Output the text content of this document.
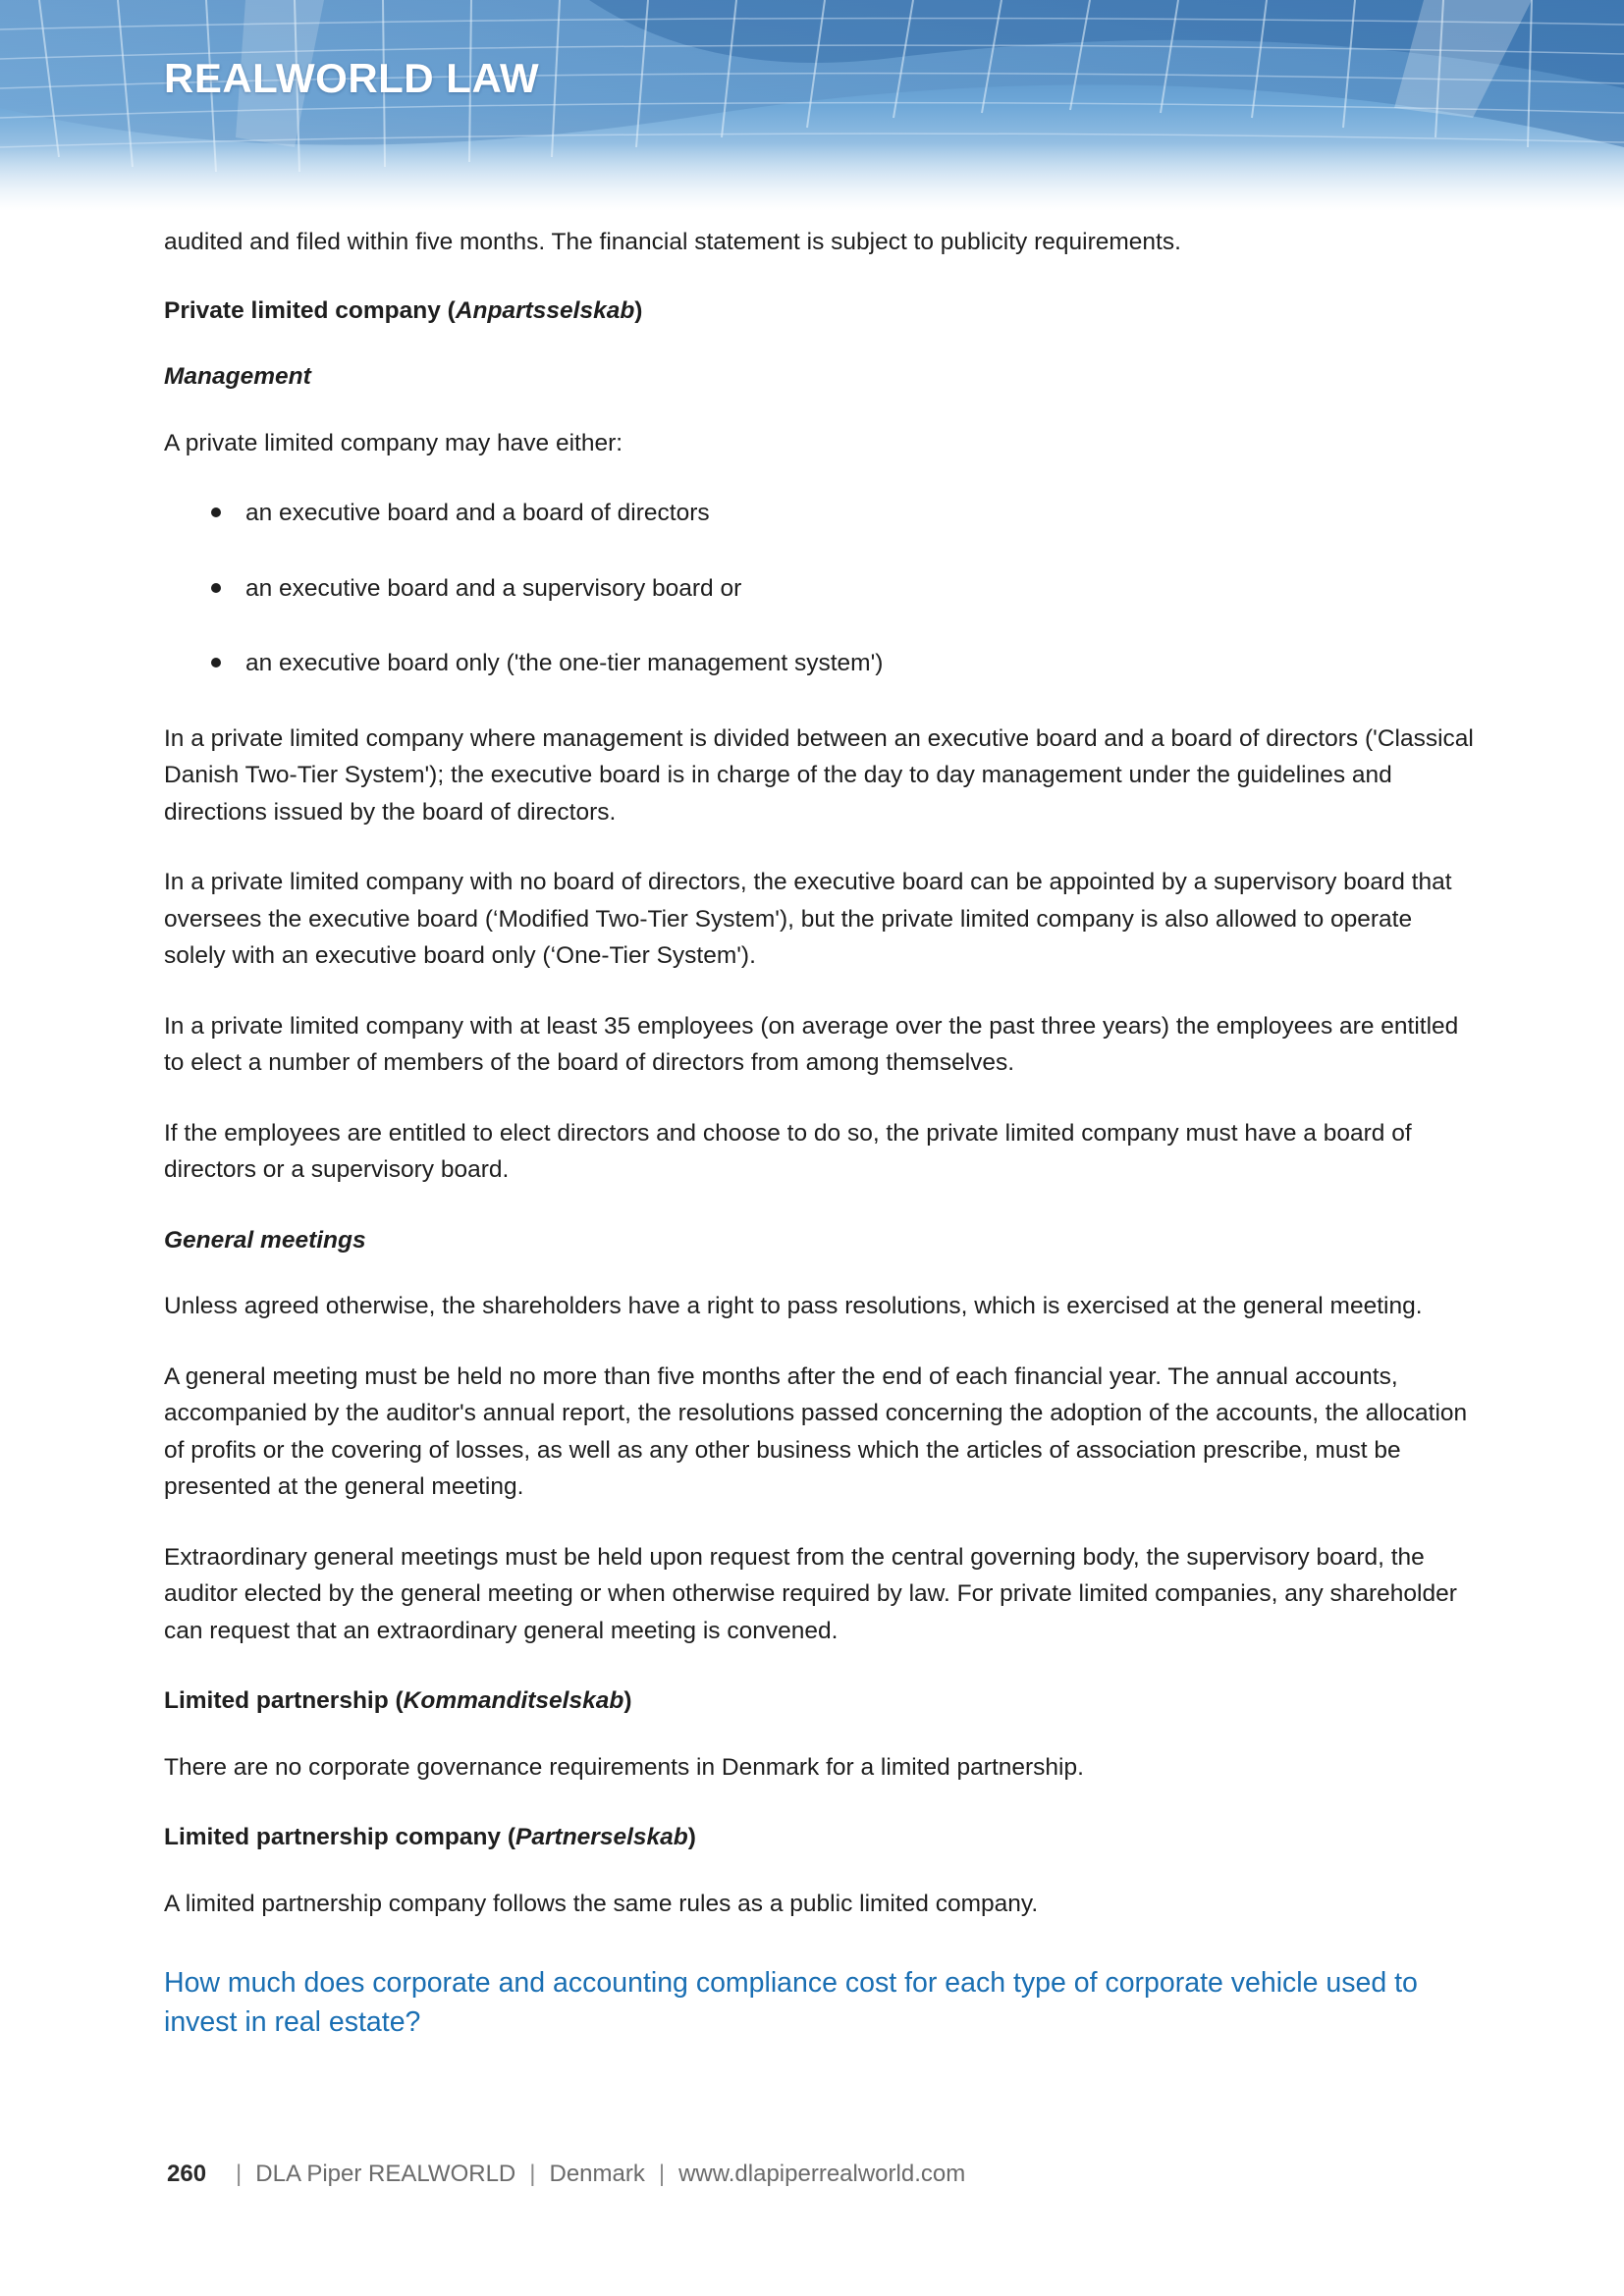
REALWORLD LAW

audited and filed within five months. The financial statement is subject to publicity requirements.

Private limited company (Anpartsselskab)
Management

A private limited company may have either:

an executive board and a board of directors
an executive board and a supervisory board or
an executive board only ('the one-tier management system')

In a private limited company where management is divided between an executive board and a board of directors ('Classical Danish Two-Tier System'); the executive board is in charge of the day to day management under the guidelines and directions issued by the board of directors.

In a private limited company with no board of directors, the executive board can be appointed by a supervisory board that oversees the executive board (‘Modified Two-Tier System'), but the private limited company is also allowed to operate solely with an executive board only (‘One-Tier System').

In a private limited company with at least 35 employees (on average over the past three years) the employees are entitled to elect a number of members of the board of directors from among themselves.

If the employees are entitled to elect directors and choose to do so, the private limited company must have a board of directors or a supervisory board.

General meetings

Unless agreed otherwise, the shareholders have a right to pass resolutions, which is exercised at the general meeting.

A general meeting must be held no more than five months after the end of each financial year. The annual accounts, accompanied by the auditor's annual report, the resolutions passed concerning the adoption of the accounts, the allocation of profits or the covering of losses, as well as any other business which the articles of association prescribe, must be presented at the general meeting.

Extraordinary general meetings must be held upon request from the central governing body, the supervisory board, the auditor elected by the general meeting or when otherwise required by law. For private limited companies, any shareholder can request that an extraordinary general meeting is convened.

Limited partnership (Kommanditselskab)

There are no corporate governance requirements in Denmark for a limited partnership.

Limited partnership company (Partnerselskab)

A limited partnership company follows the same rules as a public limited company.

How much does corporate and accounting compliance cost for each type of corporate vehicle used to invest in real estate?
260 | DLA Piper REALWORLD | Denmark | www.dlapiperrealworld.com
